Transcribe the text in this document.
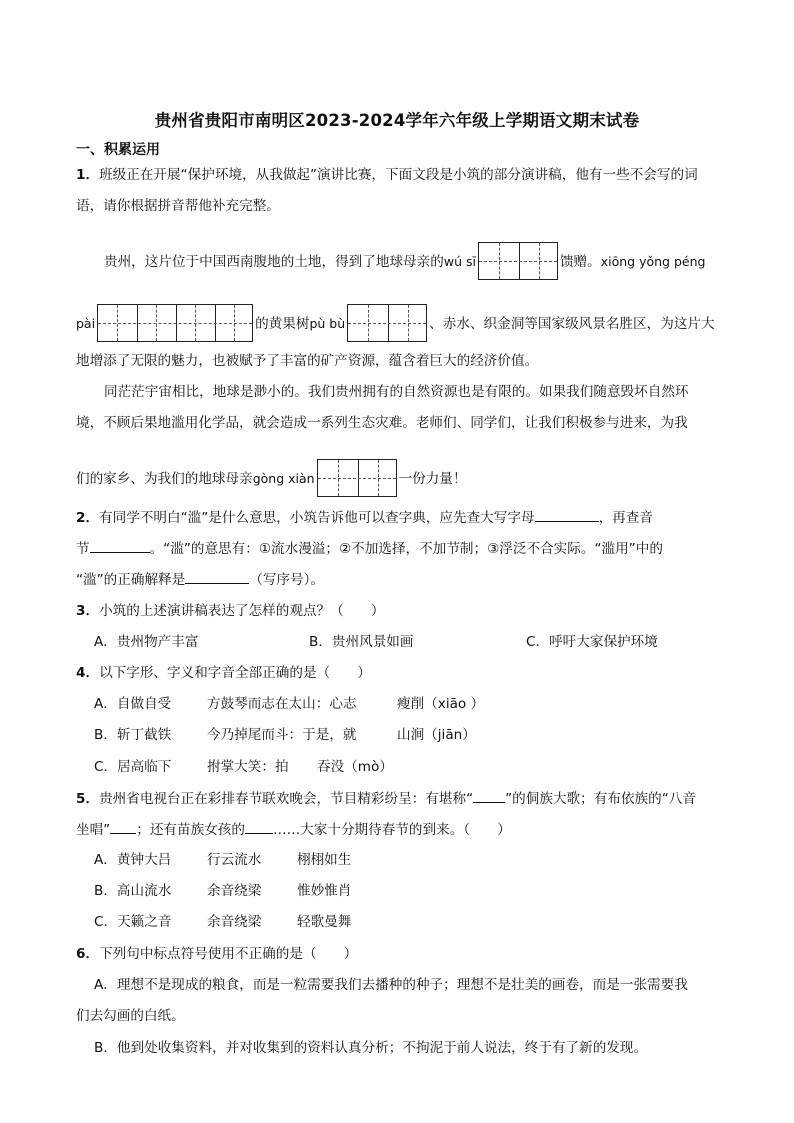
贵州省贵阳市南明区2023-2024学年六年级上学期语文期末试卷
一、积累运用
1．班级正在开展“保护环境，从我做起”演讲比赛，下面文段是小筑的部分演讲稿，他有一些不会写的词
语，请你根据拼音帮他补充完整。
贵州，这片位于中国西南腹地的土地，得到了地球母亲的wú sī	馈赠。xiōng yǒng péng
pài	的黄果树pù bù	、赤水、织金洞等国家级风景名胜区，为这片大
地增添了无限的魅力，也被赋予了丰富的矿产资源，蕴含着巨大的经济价值。
同茫茫宇宙相比，地球是渺小的。我们贵州拥有的自然资源也是有限的。如果我们随意毁坏自然环
境，不顾后果地滥用化学品，就会造成一系列生态灾难。老师们、同学们，让我们积极参与进来，为我
们的家乡、为我们的地球母亲gòng xiàn	一份力量！
2．有同学不明白“滥”是什么意思，小筑告诉他可以查字典，应先查大写字母	，再查音
节	。“滥”的意思有：①流水漫溢；②不加选择，不加节制；③浮泛不合实际。“滥用”中的
“滥”的正确解释是	（写序号）。
3．小筑的上述演讲稿表达了怎样的观点？（　　）
A．贵州物产丰富	B．贵州风景如画	C．呼吁大家保护环境
4．以下字形、字义和字音全部正确的是（　　）
A．自做自受	方鼓琴而志在太山：心志	瘦削（xiāo ）
B．斩丁截铁	今乃掉尾而斗：于是，就	山涧（jiān）
C．居高临下	拊掌大笑：拍 吞没（mò）
5．贵州省电视台正在彩排春节联欢晚会，节目精彩纷呈：有堪称“ ”的侗族大歌；有布依族的“八音
坐唱” ；还有苗族女孩的 ……大家十分期待春节的到来。（　　）
A．黄钟大吕	行云流水	栩栩如生
B．高山流水	余音绕梁	惟妙惟肖
C．天籁之音	余音绕梁	轻歌曼舞
6．下列句中标点符号使用不正确的是（　　）
A．理想不是现成的粮食，而是一粒需要我们去播种的种子；理想不是壮美的画卷，而是一张需要我
们去勾画的白纸。
B．他到处收集资料，并对收集到的资料认真分析；不拘泥于前人说法，终于有了新的发现。
